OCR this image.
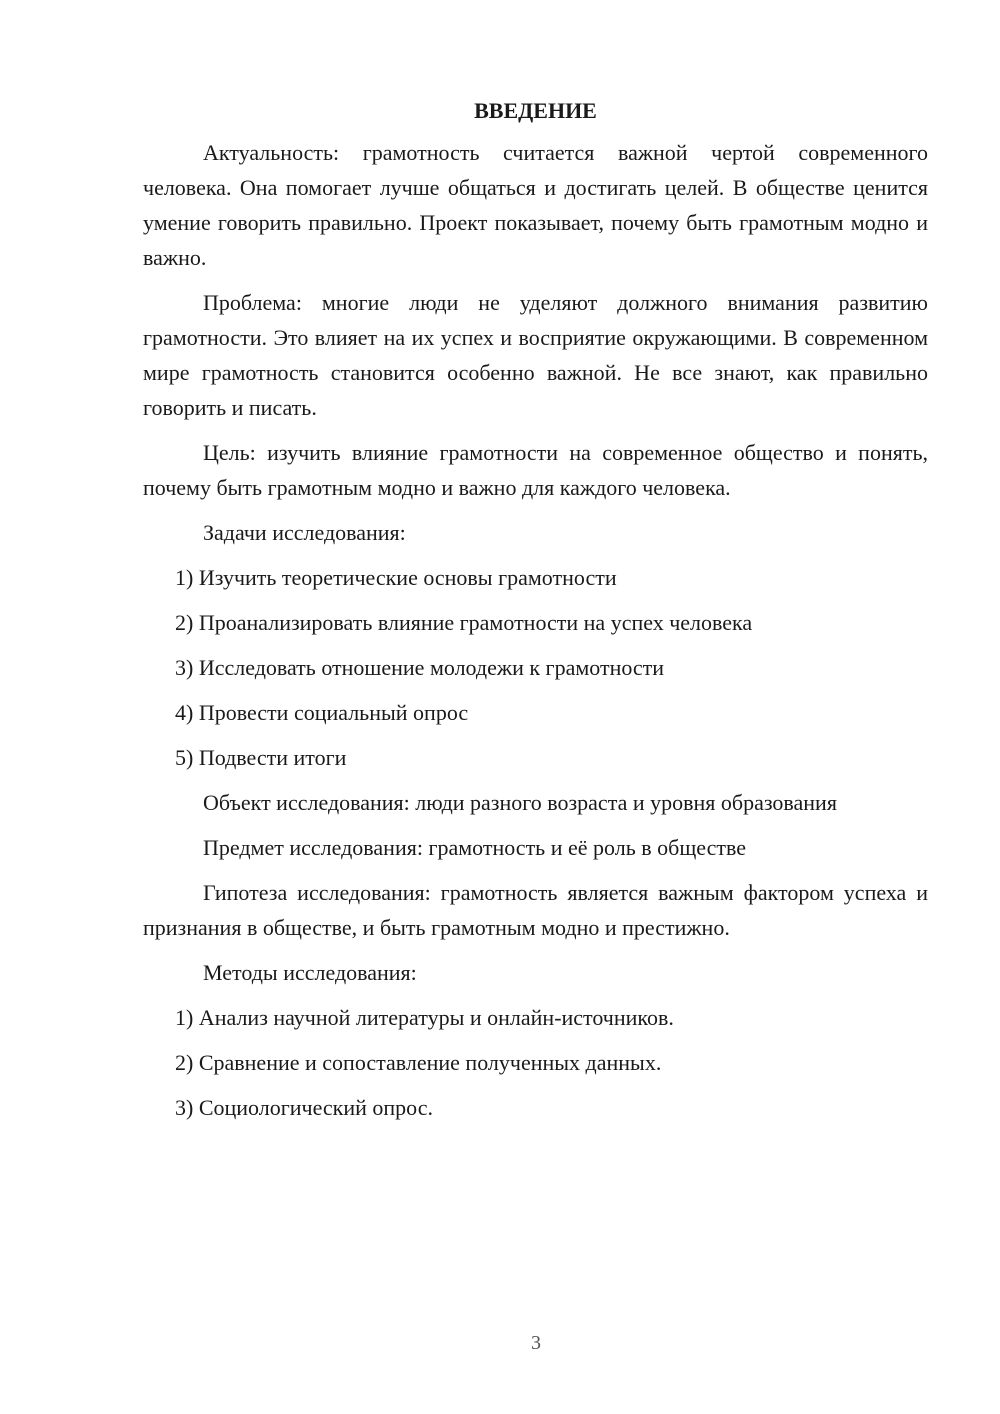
ВВЕДЕНИЕ

Актуальность: грамотность считается важной чертой современного человека. Она помогает лучше общаться и достигать целей. В обществе ценится умение говорить правильно. Проект показывает, почему быть грамотным модно и важно.

Проблема: многие люди не уделяют должного внимания развитию грамотности. Это влияет на их успех и восприятие окружающими. В современном мире грамотность становится особенно важной. Не все знают, как правильно говорить и писать.

Цель: изучить влияние грамотности на современное общество и понять, почему быть грамотным модно и важно для каждого человека.

Задачи исследования:
1) Изучить теоретические основы грамотности
2) Проанализировать влияние грамотности на успех человека
3) Исследовать отношение молодежи к грамотности
4) Провести социальный опрос
5) Подвести итоги
Объект исследования: люди разного возраста и уровня образования
Предмет исследования: грамотность и её роль в обществе

Гипотеза исследования: грамотность является важным фактором успеха и признания в обществе, и быть грамотным модно и престижно.

Методы исследования:
1) Анализ научной литературы и онлайн-источников.
2) Сравнение и сопоставление полученных данных.
3) Социологический опрос.
3
